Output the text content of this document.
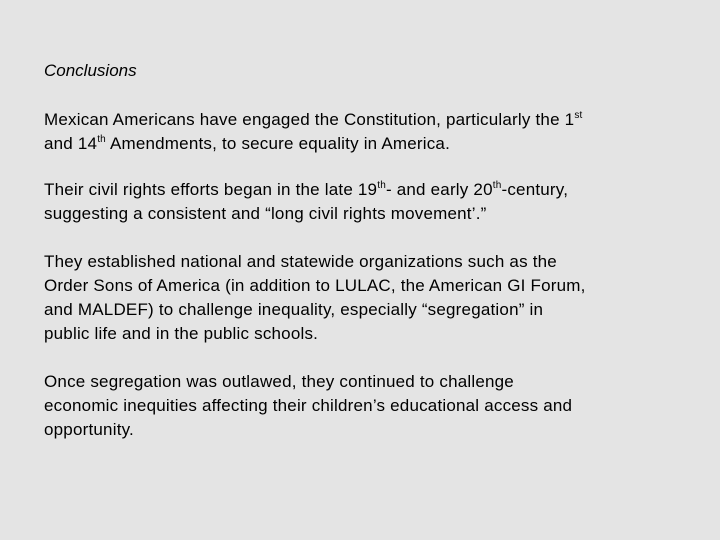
Conclusions

Mexican Americans have engaged the Constitution, particularly the 1st
and 14th Amendments, to secure equality in America.

Their civil rights efforts began in the late 19th- and early 20th-century,
suggesting a consistent and “long civil rights movement’.”

They established national and statewide organizations such as the
Order Sons of America (in addition to LULAC, the American GI Forum,
and MALDEF) to challenge inequality, especially “segregation” in
public life and in the public schools.

Once segregation was outlawed, they continued to challenge
economic inequities affecting their children’s educational access and
opportunity.
